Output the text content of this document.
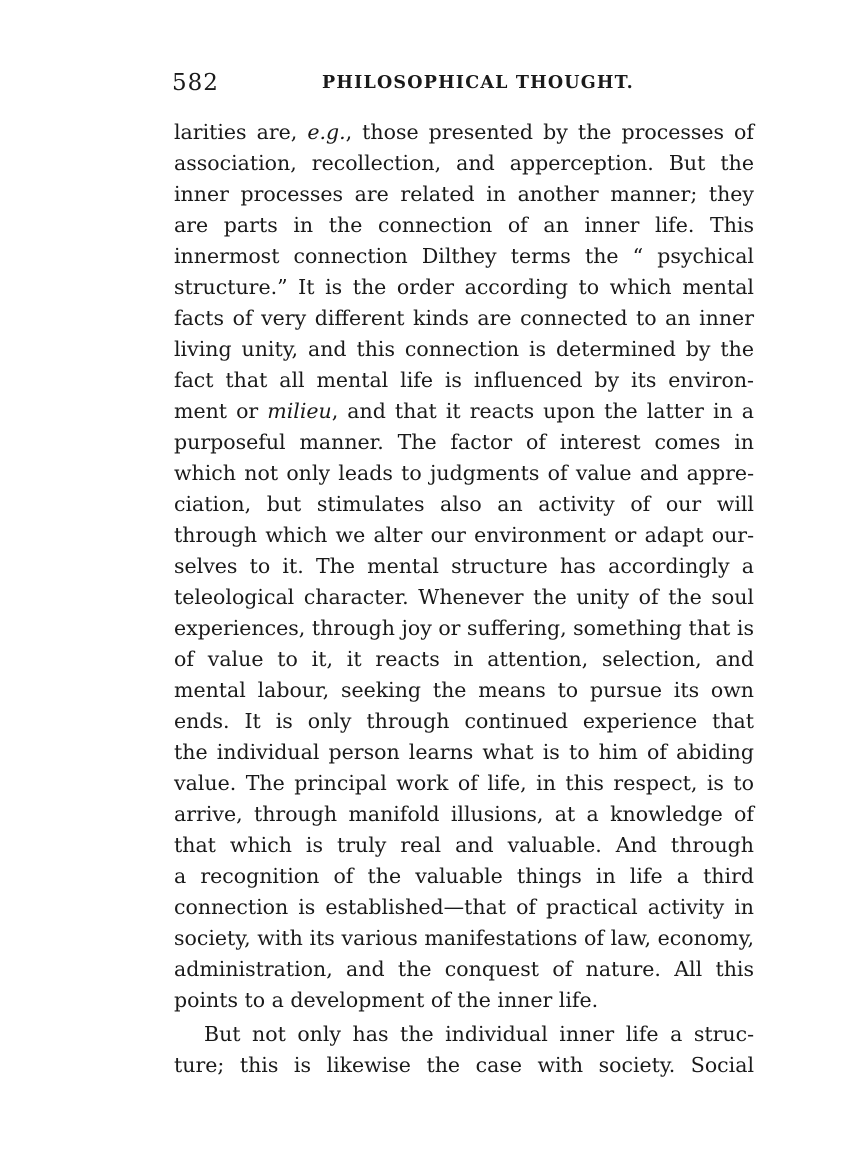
582	PHILOSOPHICAL THOUGHT.
larities are, e.g., those presented by the processes of
association, recollection, and apperception. But the
inner processes are related in another manner; they
are parts in the connection of an inner life. This
innermost connection Dilthey terms the “ psychical
structure.” It is the order according to which mental
facts of very different kinds are connected to an inner
living unity, and this connection is determined by the
fact that all mental life is influenced by its environ-
ment or milieu, and that it reacts upon the latter in a
purposeful manner. The factor of interest comes in
which not only leads to judgments of value and appre-
ciation, but stimulates also an activity of our will
through which we alter our environment or adapt our-
selves to it. The mental structure has accordingly a
teleological character. Whenever the unity of the soul
experiences, through joy or suffering, something that is
of value to it, it reacts in attention, selection, and
mental labour, seeking the means to pursue its own
ends. It is only through continued experience that
the individual person learns what is to him of abiding
value. The principal work of life, in this respect, is to
arrive, through manifold illusions, at a knowledge of
that which is truly real and valuable. And through
a recognition of the valuable things in life a third
connection is established—that of practical activity in
society, with its various manifestations of law, economy,
administration, and the conquest of nature. All this
points to a development of the inner life.
But not only has the individual inner life a struc-
ture; this is likewise the case with society. Social
